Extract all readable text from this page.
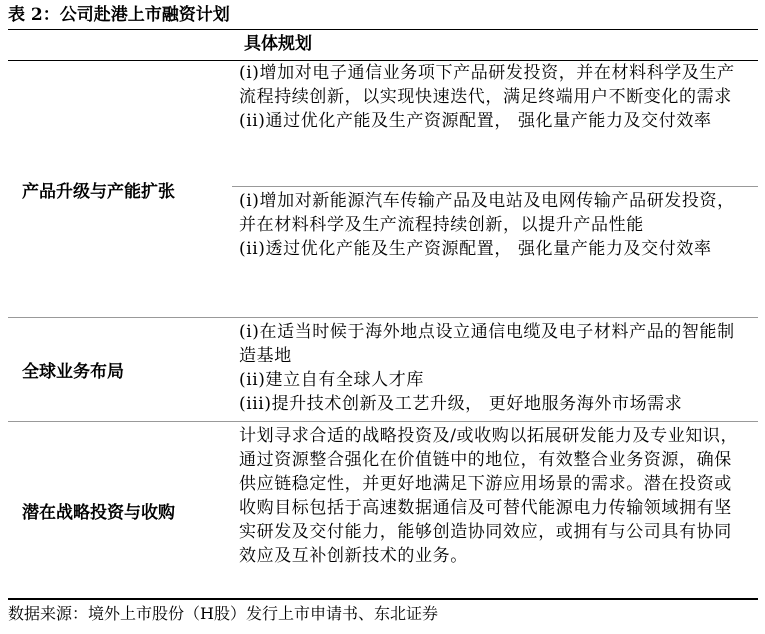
表 2：公司赴港上市融资计划
具体规划
产品升级与产能扩张

(i)增加对电子通信业务项下产品研发投资，并在材料科学及生产流程持续创新，以实现快速迭代，满足终端用户不断变化的需求

(ii)通过优化产能及生产资源配置， 强化量产能力及交付效率

(i)增加对新能源汽车传输产品及电站及电网传输产品研发投资，并在材料科学及生产流程持续创新，以提升产品性能

(ii)透过优化产能及生产资源配置， 强化量产能力及交付效率

全球业务布局

(i)在适当时候于海外地点设立通信电缆及电子材料产品的智能制造基地

(ii)建立自有全球人才库

(iii)提升技术创新及工艺升级， 更好地服务海外市场需求

潜在战略投资与收购

计划寻求合适的战略投资及/或收购以拓展研发能力及专业知识，通过资源整合强化在价值链中的地位，有效整合业务资源，确保供应链稳定性，并更好地满足下游应用场景的需求。潜在投资或收购目标包括于高速数据通信及可替代能源电力传输领域拥有坚实研发及交付能力，能够创造协同效应，或拥有与公司具有协同效应及互补创新技术的业务。

数据来源：境外上市股份（H股）发行上市申请书、东北证券
